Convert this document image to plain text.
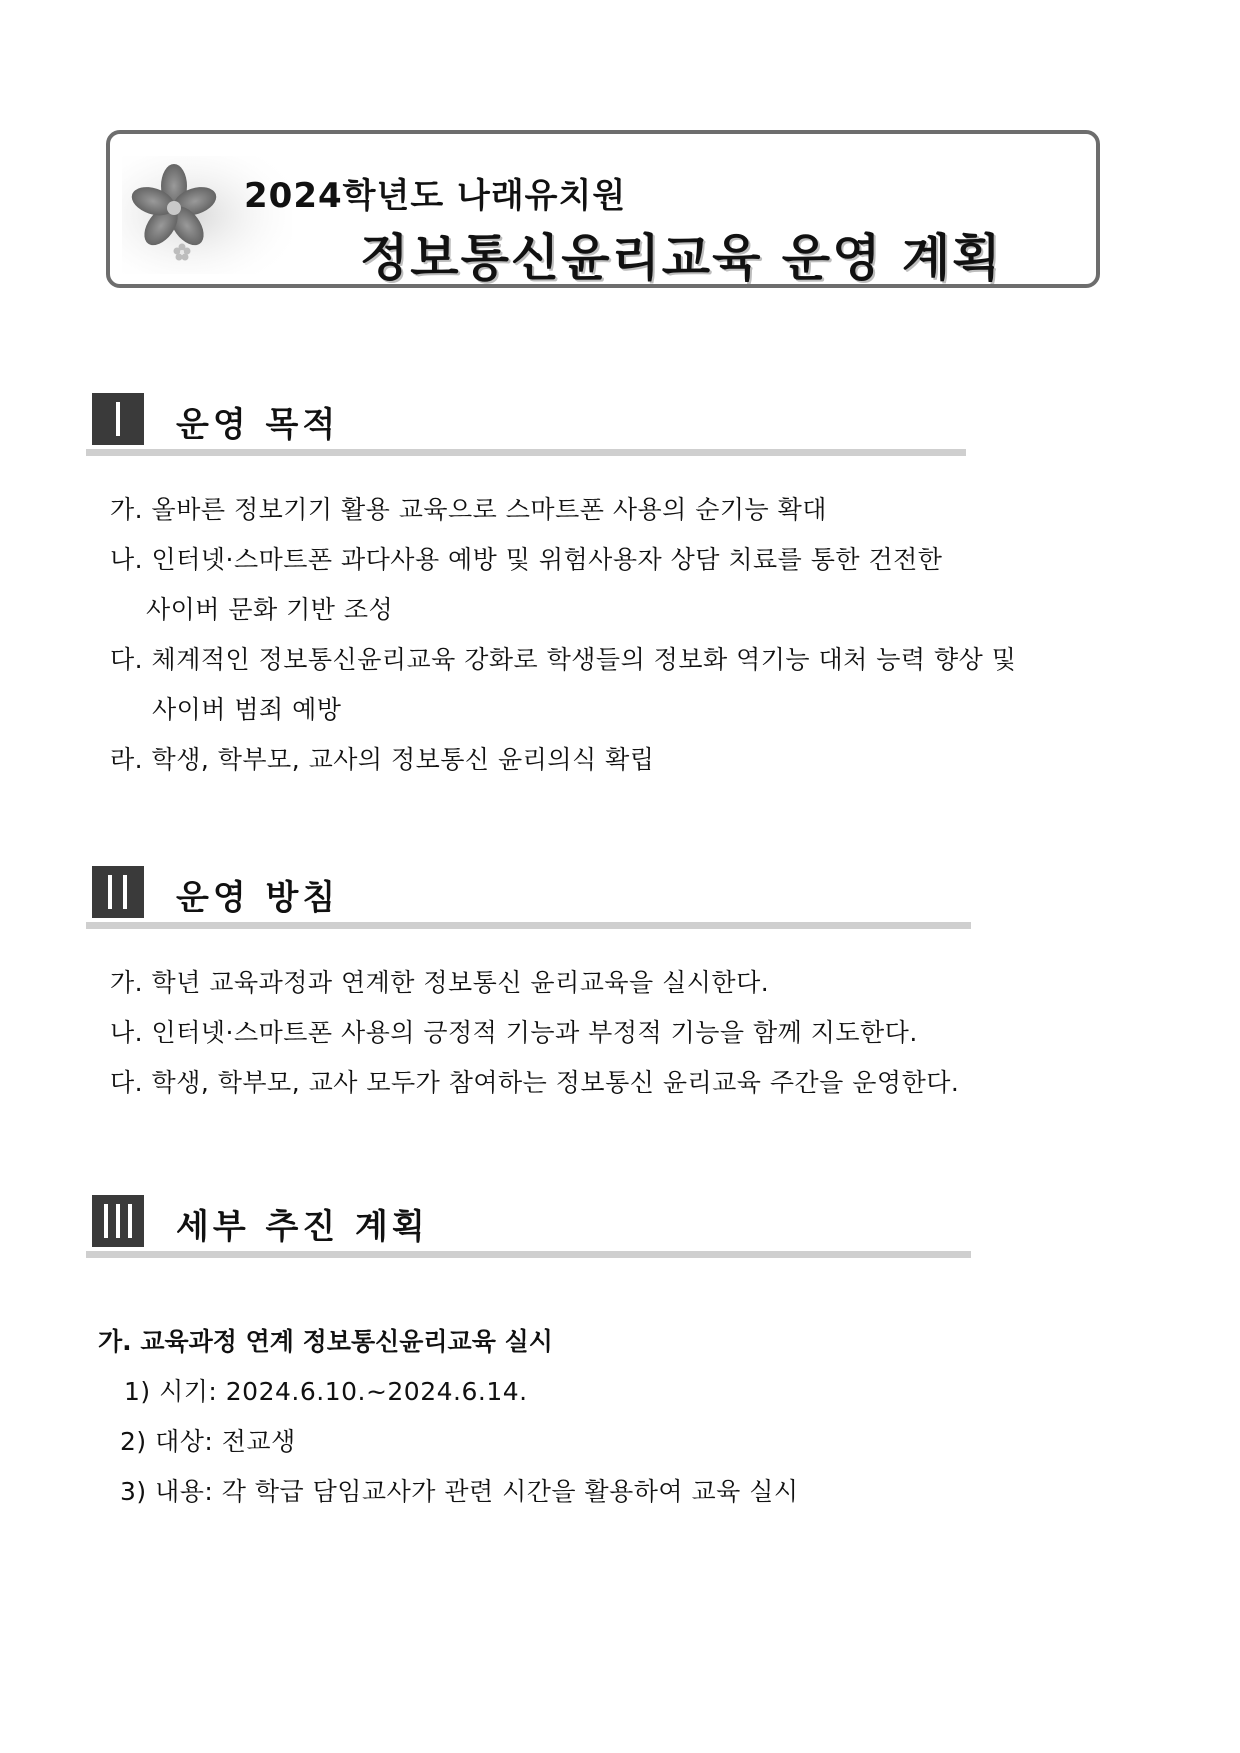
2024학년도 나래유치원
정보통신윤리교육 운영 계획
운영 목적
가. 올바른 정보기기 활용 교육으로 스마트폰 사용의 순기능 확대
나. 인터넷·스마트폰 과다사용 예방 및 위험사용자 상담 치료를 통한 건전한
사이버 문화 기반 조성
다. 체계적인 정보통신윤리교육 강화로 학생들의 정보화 역기능 대처 능력 향상 및
사이버 범죄 예방
라. 학생, 학부모, 교사의 정보통신 윤리의식 확립
운영 방침
가. 학년 교육과정과 연계한 정보통신 윤리교육을 실시한다.
나. 인터넷·스마트폰 사용의 긍정적 기능과 부정적 기능을 함께 지도한다.
다. 학생, 학부모, 교사 모두가 참여하는 정보통신 윤리교육 주간을 운영한다.
세부 추진 계획
가. 교육과정 연계 정보통신윤리교육 실시
1) 시기: 2024.6.10.~2024.6.14.
2) 대상: 전교생
3) 내용: 각 학급 담임교사가 관련 시간을 활용하여 교육 실시
